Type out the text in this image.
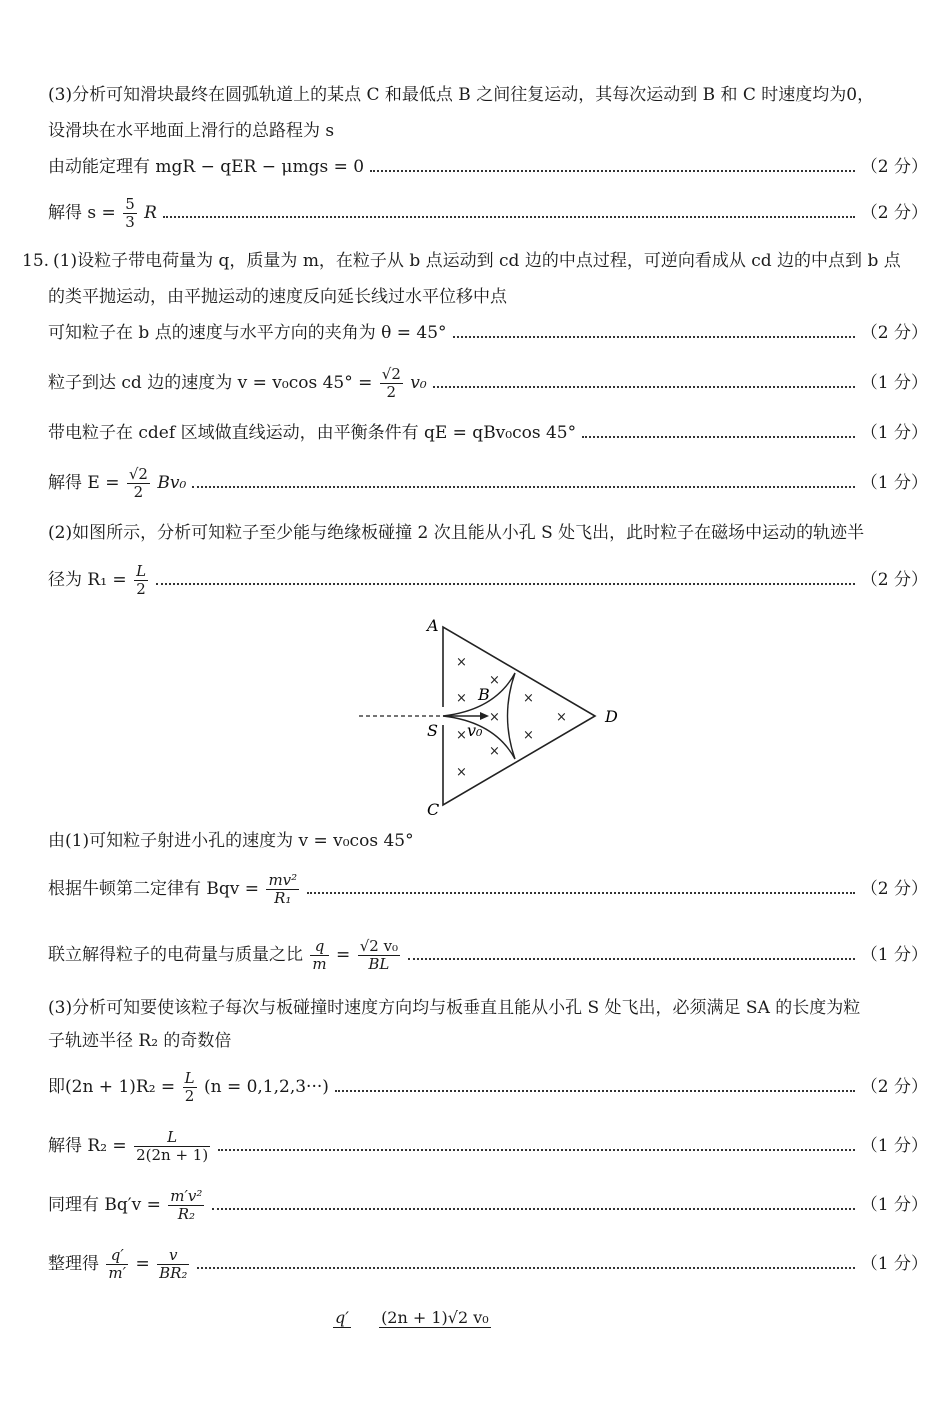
(3)分析可知滑块最终在圆弧轨道上的某点 C 和最低点 B 之间往复运动，其每次运动到 B 和 C 时速度均为0，
设滑块在水平地面上滑行的总路程为 s
由动能定理有 mgR − qER − μmgs = 0	（2 分）
解得 $s = \frac{5}{3}$ R	（2 分）
15. (1)设粒子带电荷量为 q，质量为 m，在粒子从 b 点运动到 cd 边的中点过程，可逆向看成从 cd 边的中点到 b 点
的类平抛运动，由平抛运动的速度反向延长线过水平位移中点
可知粒子在 b 点的速度与水平方向的夹角为 θ = 45°	（2 分）
粒子到达 cd 边的速度为 v = v₀cos $45^\circ = \frac{√2}{2} v_0$	（1 分）
带电粒子在 cdef 区域做直线运动，由平衡条件有 qE = qBv₀cos 45°	（1 分）
解得 $E = \frac{√2}{2} Bv_0$	（1 分）
(2)如图所示，分析可知粒子至少能与绝缘板碰撞 2 次且能从小孔 S 处飞出，此时粒子在磁场中运动的轨迹半
径为 $R_1 = \frac{L}{2}$	（2 分）
×
×
×
×
×
×
×
×
×
×
A
C
D
S
B
v₀
由(1)可知粒子射进小孔的速度为 v = v₀cos 45°
根据牛顿第二定律有 Bqv = $\frac{\text{mv²}}{\text{R₁}}$	（2 分）
联立解得粒子的电荷量与质量之比 $\frac{q}{m} = \frac{\text{√2 v₀}}{BL}$	（1 分）
(3)分析可知要使该粒子每次与板碰撞时速度方向均与板垂直且能从小孔 S 处飞出，必须满足 SA 的长度为粒
子轨迹半径 R₂ 的奇数倍
即$(2n + 1)R_2 = \frac{L}{2} (n = 0,1,2,3\cdot\cdot\cdot)$	（2 分）
解得 $R_2 = \frac{L}{2(2n + 1)}$	（1 分）
同理有 $Bq'v = \frac{\text{m′v²}}{\text{R₂}}$	（1 分）
整理得 $\frac{q'}{m'} = \frac{v}{\text{BR₂}}$	（1 分）
q′ (2n + 1)√2 v₀
